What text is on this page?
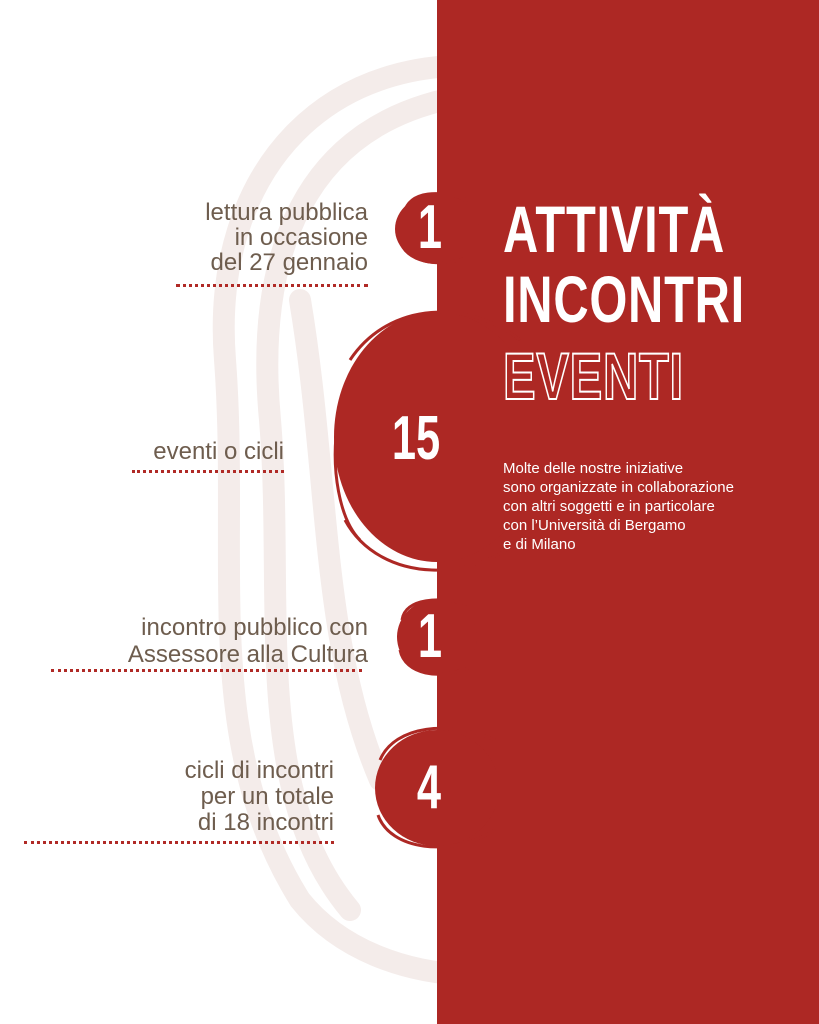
lettura pubblica
in occasione
del 27 gennaio
1
eventi o cicli 15
incontro pubblico con
Assessore alla Cultura 1
cicli di incontri
per un totale
di 18 incontri
4
ATTIVITÀ
INCONTRI
EVENTI
Molte delle nostre iniziative
sono organizzate in collaborazione
con altri soggetti e in particolare
con l’Università di Bergamo
e di Milano
